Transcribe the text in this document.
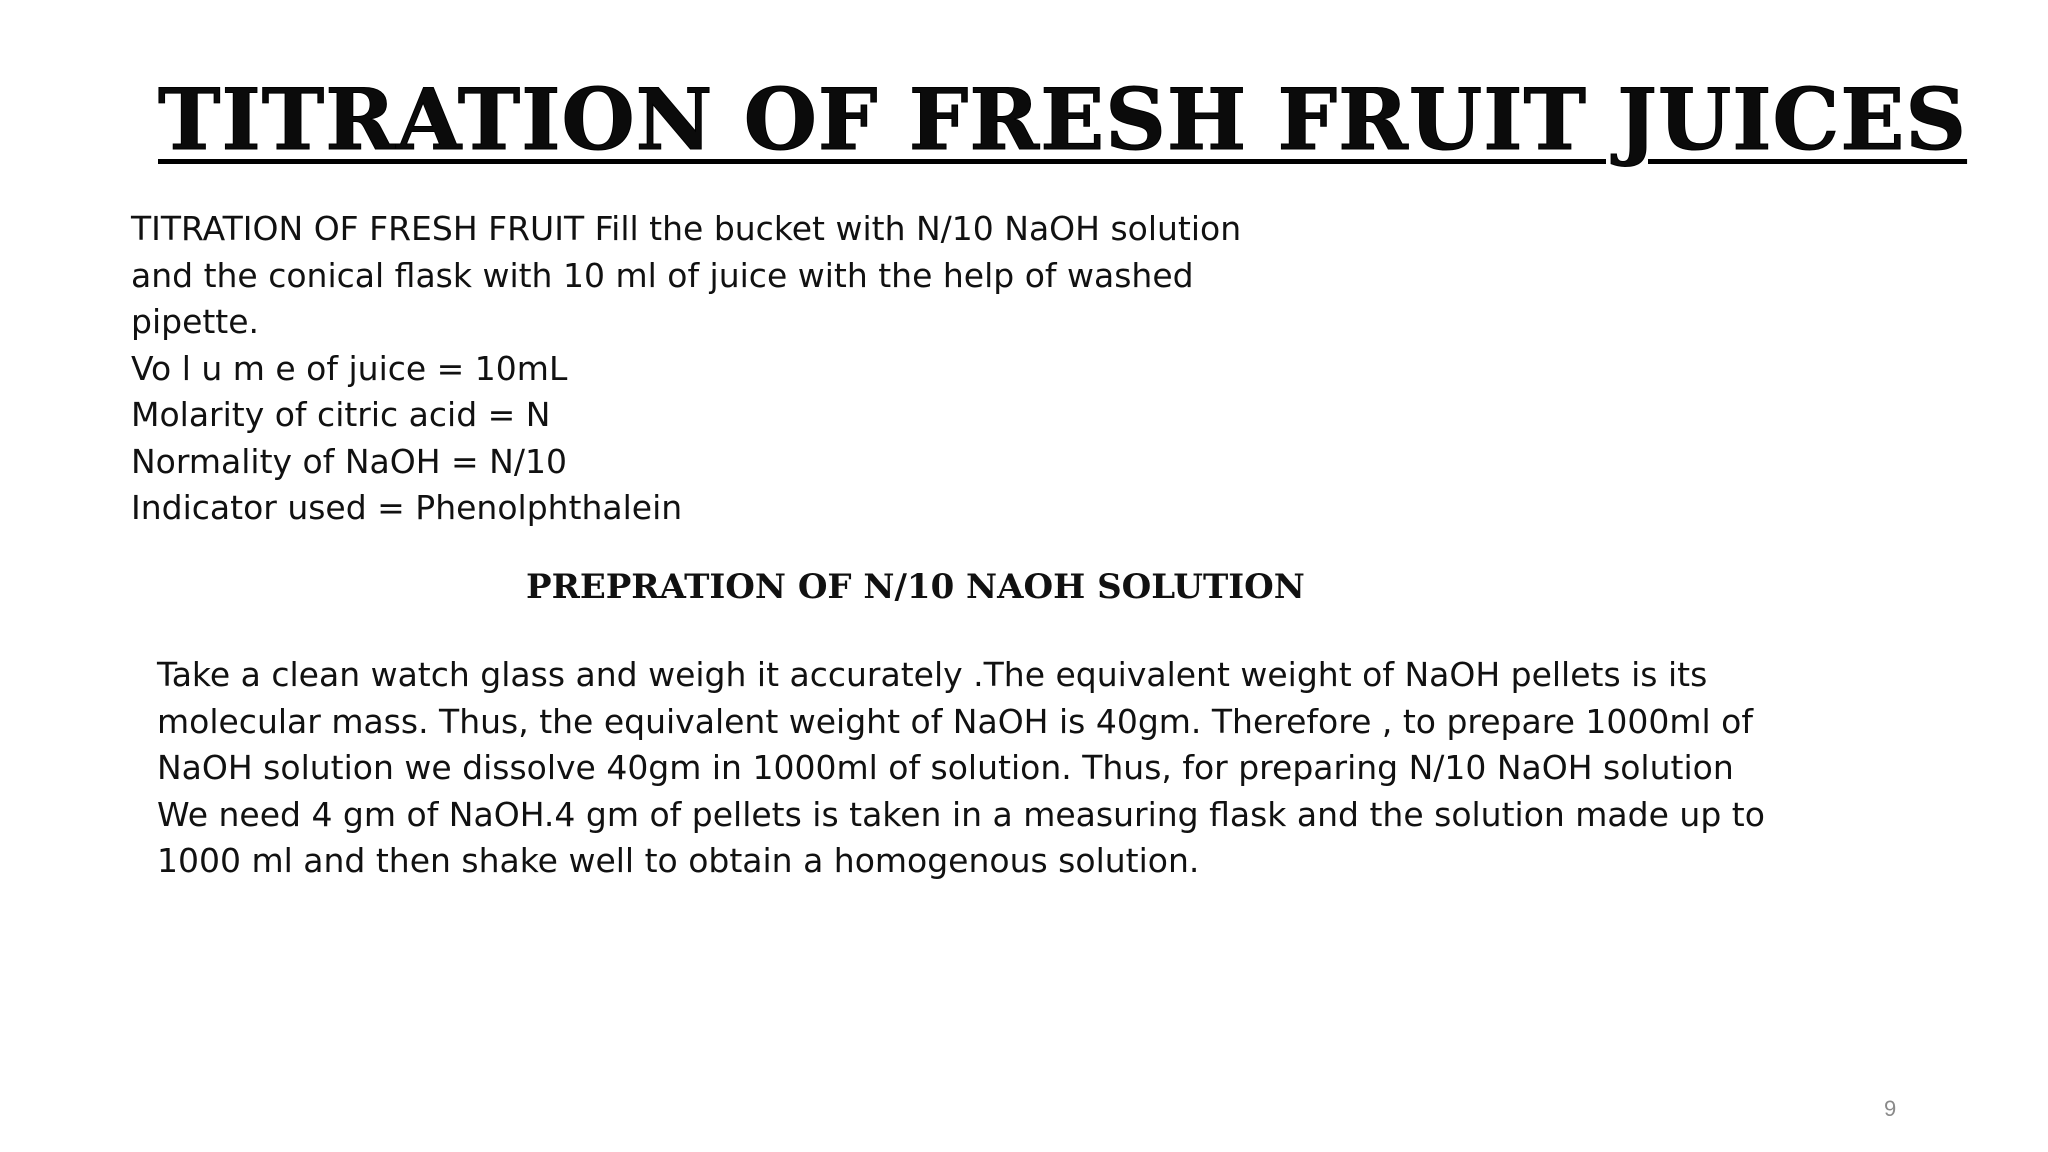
TITRATION OF FRESH FRUIT JUICES
TITRATION OF FRESH FRUIT Fill the bucket with N/10 NaOH solution
and the conical flask with 10 ml of juice with the help of washed
pipette.
Vo l u m e of juice = 10mL
Molarity of citric acid = N
Normality of NaOH = N/10
Indicator used = Phenolphthalein
PREPRATION OF N/10 NAOH SOLUTION
Take a clean watch glass and weigh it accurately .The equivalent weight of NaOH pellets is its
molecular mass. Thus, the equivalent weight of NaOH is 40gm. Therefore , to prepare 1000ml of
NaOH solution we dissolve 40gm in 1000ml of solution. Thus, for preparing N/10 NaOH solution
We need 4 gm of NaOH.4 gm of pellets is taken in a measuring flask and the solution made up to
1000 ml and then shake well to obtain a homogenous solution.
9
